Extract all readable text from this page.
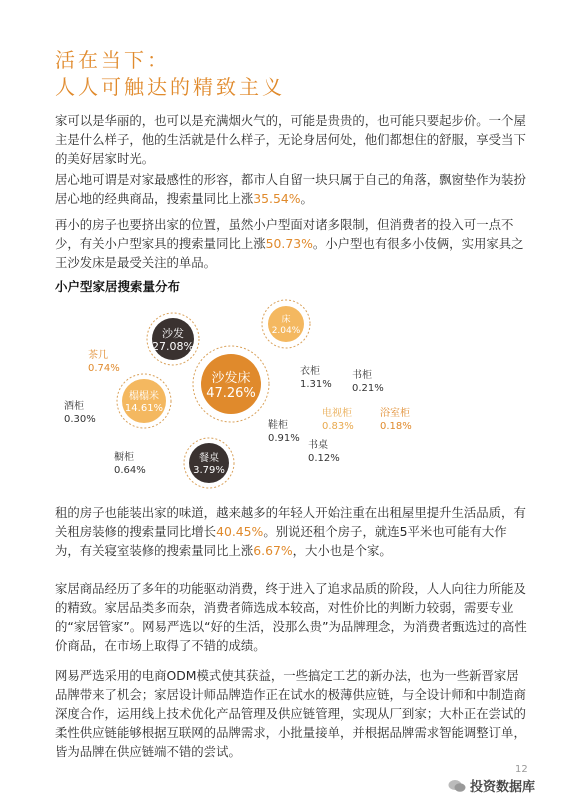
活在当下：
人人可触达的精致主义

家可以是华丽的，也可以是充满烟火气的，可能是贵贵的，也可能只要起步价。一个屋主是什么样子，他的生活就是什么样子，无论身居何处，他们都想住的舒服，享受当下的美好居家时光。

居心地可谓是对家最感性的形容，都市人自留一块只属于自己的角落，飘窗垫作为装扮居心地的经典商品，搜索量同比上涨35.54%。

再小的房子也要挤出家的位置，虽然小户型面对诸多限制，但消费者的投入可一点不少，有关小户型家具的搜索量同比上涨50.73%。小户型也有很多小伎俩，实用家具之王沙发床是最受关注的单品。

小户型家居搜索量分布
沙发床
47.26%
沙发
27.08%
榻榻米
14.61%
床
2.04%
餐桌
3.79%
茶几
0.74%
酒柜
0.30%
橱柜
0.64%
衣柜
1.31%
书柜
0.21%
鞋柜
0.91%
电视柜
0.83%
浴室柜
0.18%
书桌
0.12%

租的房子也能装出家的味道，越来越多的年轻人开始注重在出租屋里提升生活品质，有关租房装修的搜索量同比增长40.45%。别说还租个房子，就连5平米也可能有大作为，有关寝室装修的搜索量同比上涨6.67%，大小也是个家。

家居商品经历了多年的功能驱动消费，终于进入了追求品质的阶段，人人向往力所能及的精致。家居品类多而杂，消费者筛选成本较高，对性价比的判断力较弱，需要专业的“家居管家”。网易严选以“好的生活，没那么贵”为品牌理念，为消费者甄选过的高性价商品，在市场上取得了不错的成绩。

网易严选采用的电商ODM模式使其获益，一些搞定工艺的新办法，也为一些新晋家居品牌带来了机会；家居设计师品牌造作正在试水的极薄供应链，与全设计师和中制造商深度合作，运用线上技术优化产品管理及供应链管理，实现从厂到家；大朴正在尝试的柔性供应链能够根据互联网的品牌需求，小批量接单，并根据品牌需求智能调整订单，皆为品牌在供应链端不错的尝试。

12
投资数据库
